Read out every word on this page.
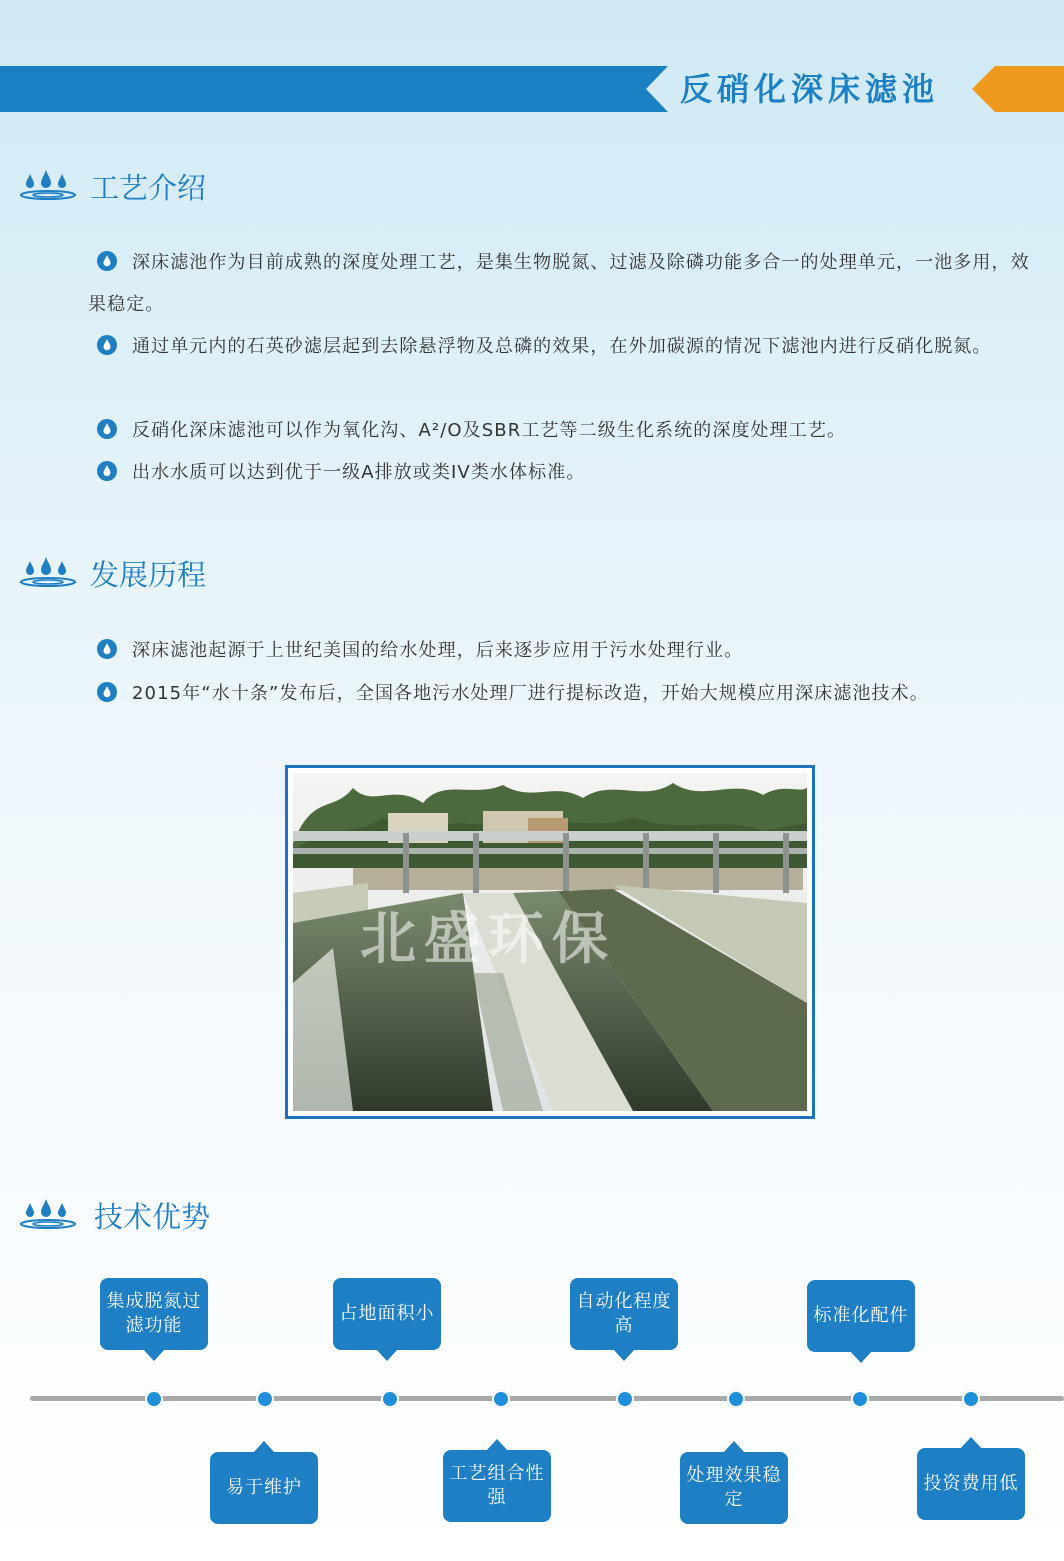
反硝化深床滤池
工艺介绍
深床滤池作为目前成熟的深度处理工艺，是集生物脱氮、过滤及除磷功能多合一的处理单元，一池多用，效果稳定。
通过单元内的石英砂滤层起到去除悬浮物及总磷的效果，在外加碳源的情况下滤池内进行反硝化脱氮。
反硝化深床滤池可以作为氧化沟、A²/O及SBR工艺等二级生化系统的深度处理工艺。
出水水质可以达到优于一级A排放或类IV类水体标准。
发展历程
深床滤池起源于上世纪美国的给水处理，后来逐步应用于污水处理行业。
2015年“水十条”发布后，全国各地污水处理厂进行提标改造，开始大规模应用深床滤池技术。
北盛环保
技术优势
集成脱氮过滤功能
易于维护
占地面积小
工艺组合性强
自动化程度高
处理效果稳定
标准化配件
投资费用低
